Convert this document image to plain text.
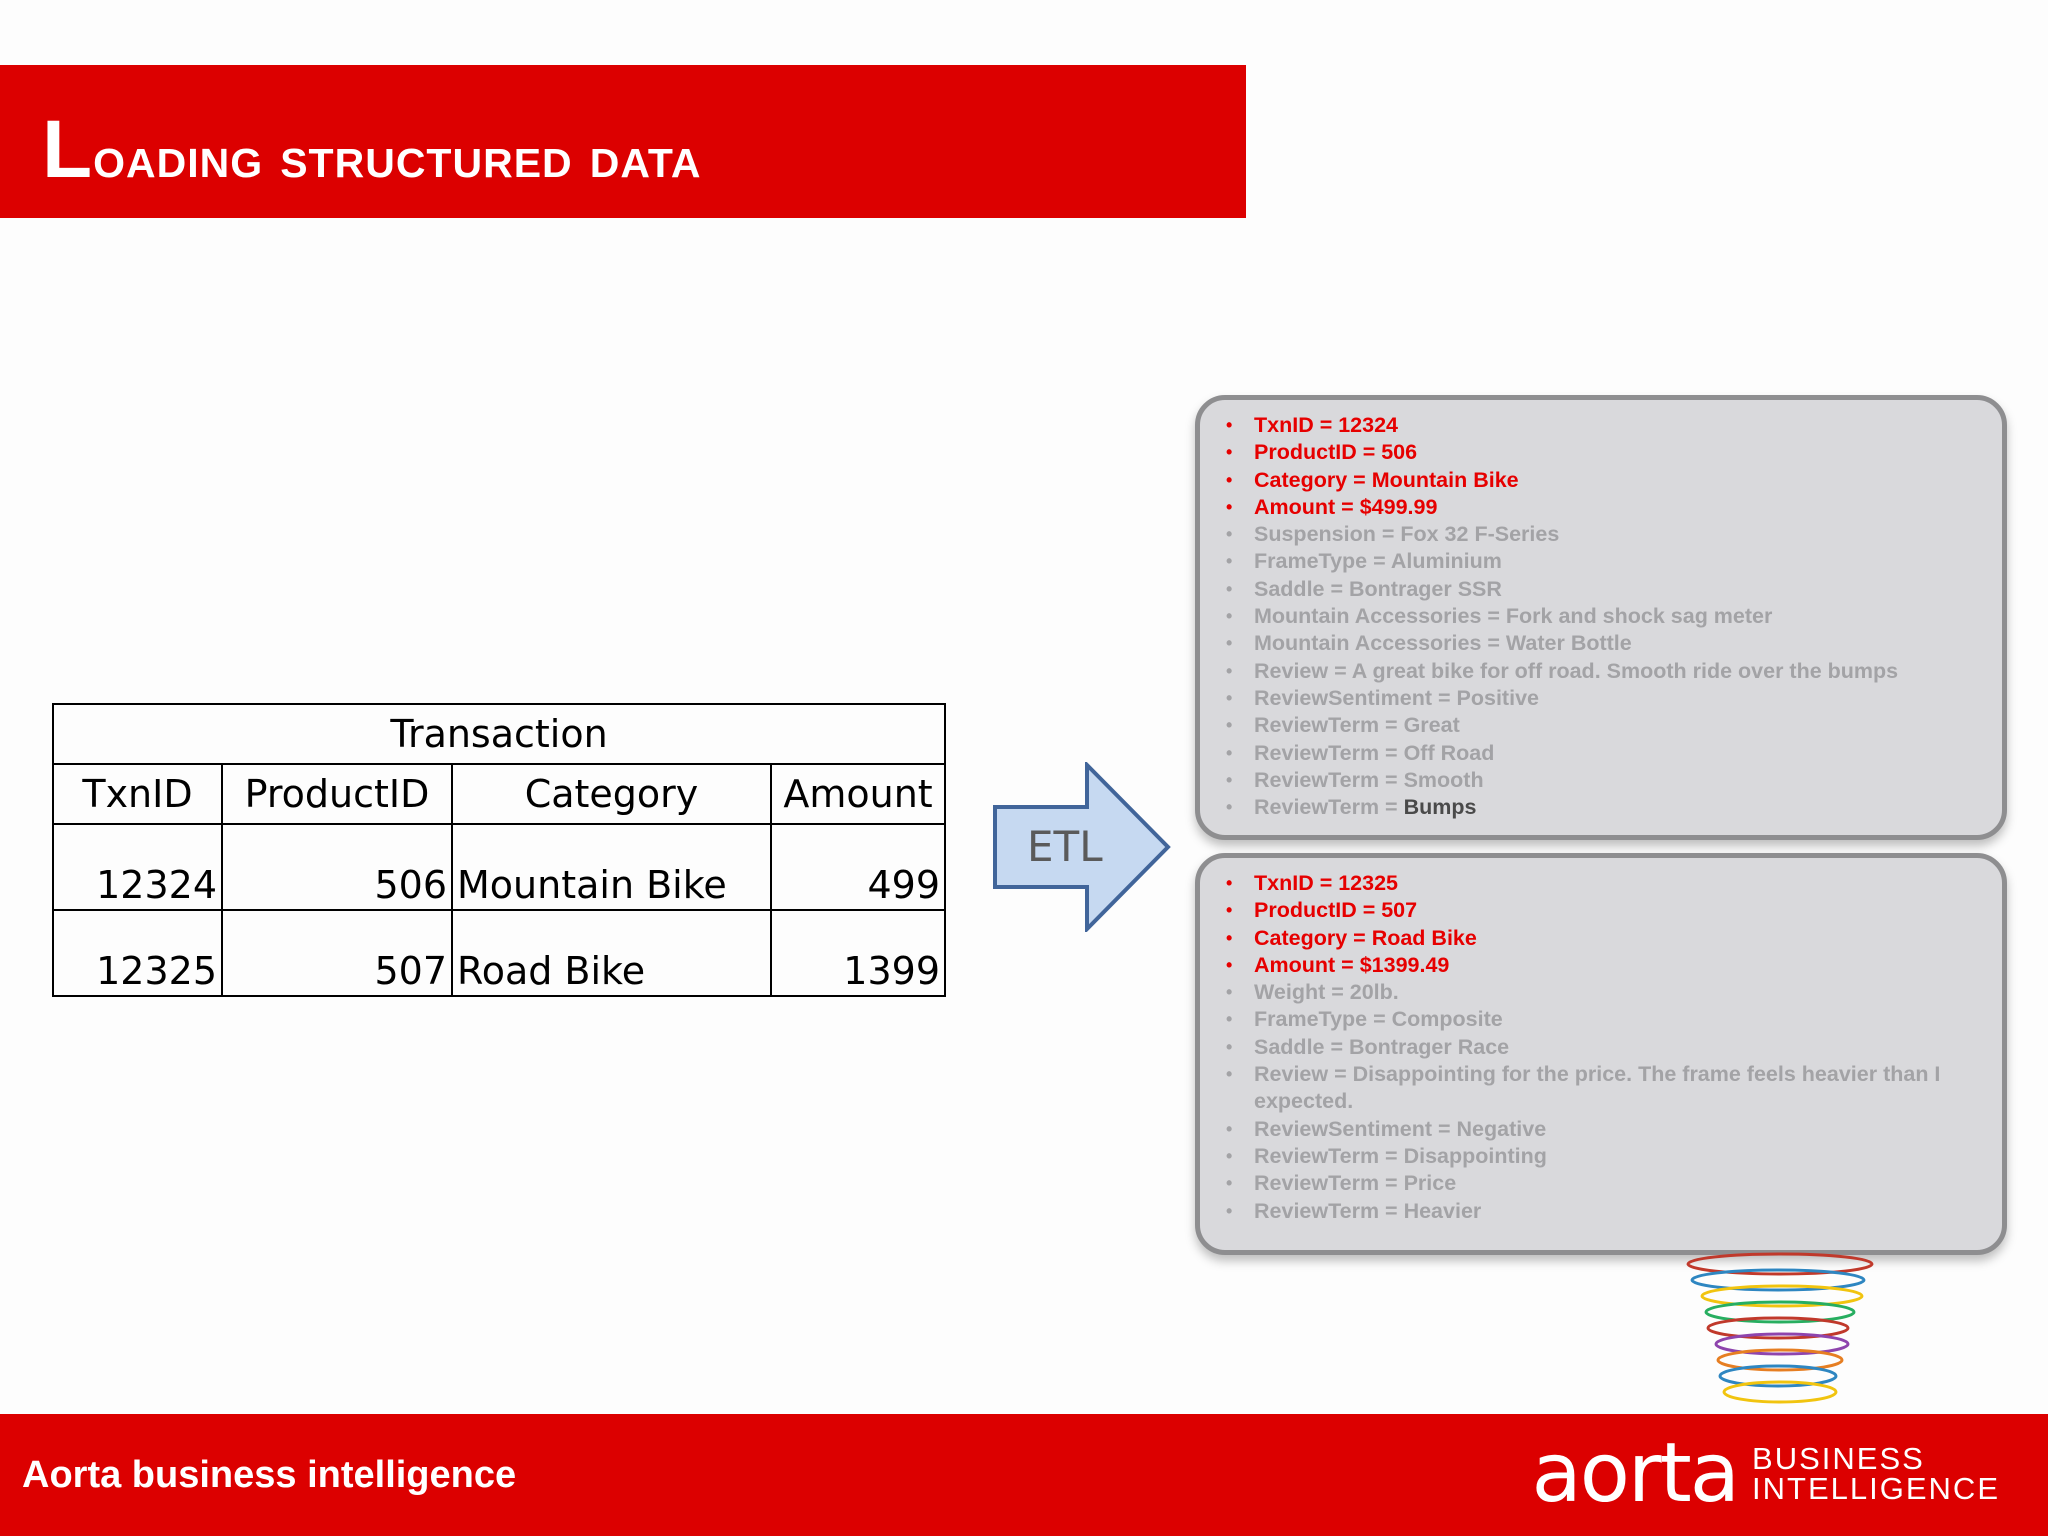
Loading structured data
Transaction			
TxnID	ProductID	Category	Amount
12324	506	Mountain Bike	499
12325	507	Road Bike	1399
ETL
• TxnID = 12324
• ProductID = 506
• Category = Mountain Bike
• Amount = $499.99
• Suspension = Fox 32 F-Series
• FrameType = Aluminium
• Saddle = Bontrager SSR
• Mountain Accessories = Fork and shock sag meter
• Mountain Accessories = Water Bottle
• Review = A great bike for off road. Smooth ride over the bumps
• ReviewSentiment = Positive
• ReviewTerm = Great
• ReviewTerm = Off Road
• ReviewTerm = Smooth
• ReviewTerm = Bumps
• TxnID = 12325
• ProductID = 507
• Category = Road Bike
• Amount = $1399.49
• Weight = 20lb.
• FrameType = Composite
• Saddle = Bontrager Race
• Review = Disappointing for the price. The frame feels heavier than I expected.
• ReviewSentiment = Negative
• ReviewTerm = Disappointing
• ReviewTerm = Price
• ReviewTerm = Heavier
Aorta business intelligence	aorta BUSINESS
INTELLIGENCE
